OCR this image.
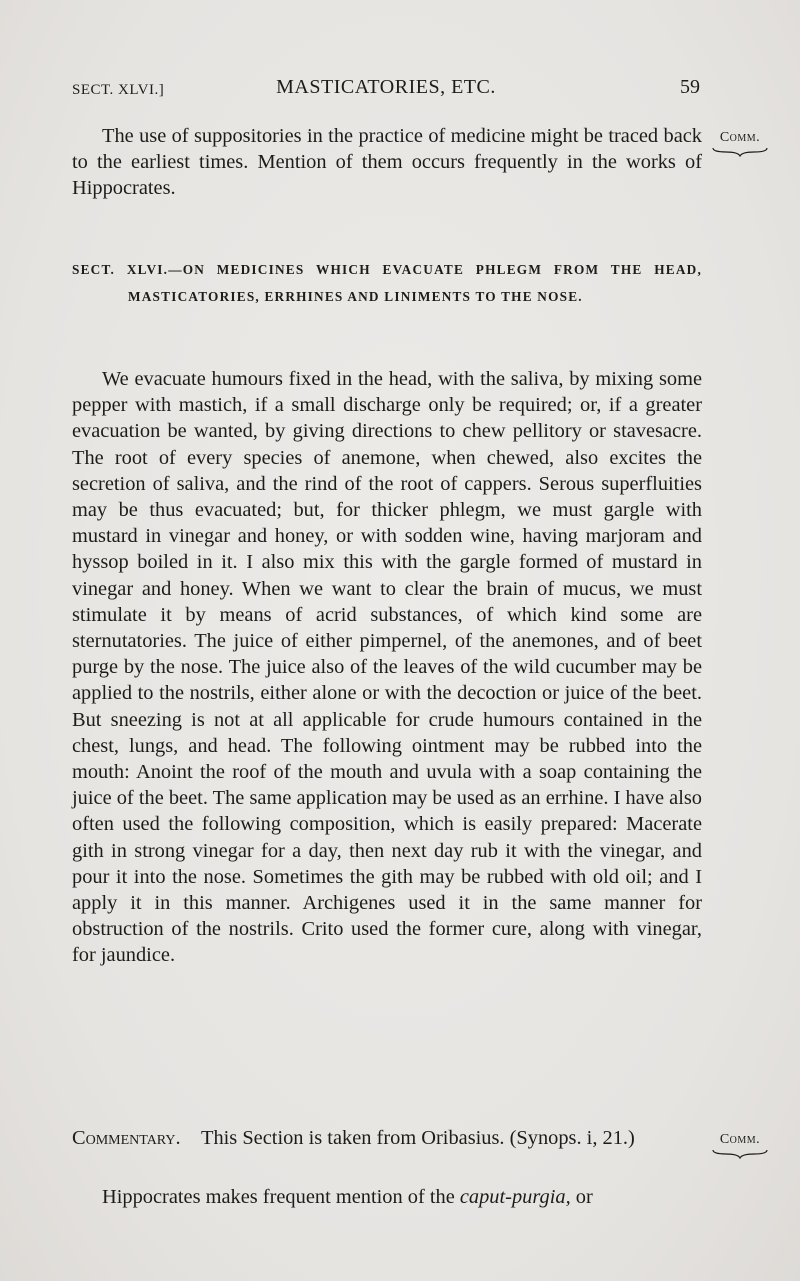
SECT. XLVI.]	MASTICATORIES, ETC.	59

The use of suppositories in the practice of medicine might be traced back to the earliest times. Mention of them occurs frequently in the works of Hippocrates.

Comm.

SECT. XLVI.—ON MEDICINES WHICH EVACUATE PHLEGM FROM THE HEAD, MASTICATORIES, ERRHINES AND LINIMENTS TO THE NOSE.

We evacuate humours fixed in the head, with the saliva, by mixing some pepper with mastich, if a small discharge only be required; or, if a greater evacuation be wanted, by giving directions to chew pellitory or stavesacre. The root of every species of anemone, when chewed, also excites the secretion of saliva, and the rind of the root of cappers. Serous superfluities may be thus evacuated; but, for thicker phlegm, we must gargle with mustard in vinegar and honey, or with sodden wine, having marjoram and hyssop boiled in it. I also mix this with the gargle formed of mustard in vinegar and honey. When we want to clear the brain of mucus, we must stimulate it by means of acrid substances, of which kind some are sternutatories. The juice of either pimpernel, of the anemones, and of beet purge by the nose. The juice also of the leaves of the wild cucumber may be applied to the nostrils, either alone or with the decoction or juice of the beet. But sneezing is not at all applicable for crude humours contained in the chest, lungs, and head. The following ointment may be rubbed into the mouth: Anoint the roof of the mouth and uvula with a soap containing the juice of the beet. The same application may be used as an errhine. I have also often used the following composition, which is easily prepared: Macerate gith in strong vinegar for a day, then next day rub it with the vinegar, and pour it into the nose. Sometimes the gith may be rubbed with old oil; and I apply it in this manner. Archigenes used it in the same manner for obstruction of the nostrils. Crito used the former cure, along with vinegar, for jaundice.

Commentary. This Section is taken from Oribasius. (Synops. i, 21.)	Comm.

Hippocrates makes frequent mention of the caput-purgia, or
